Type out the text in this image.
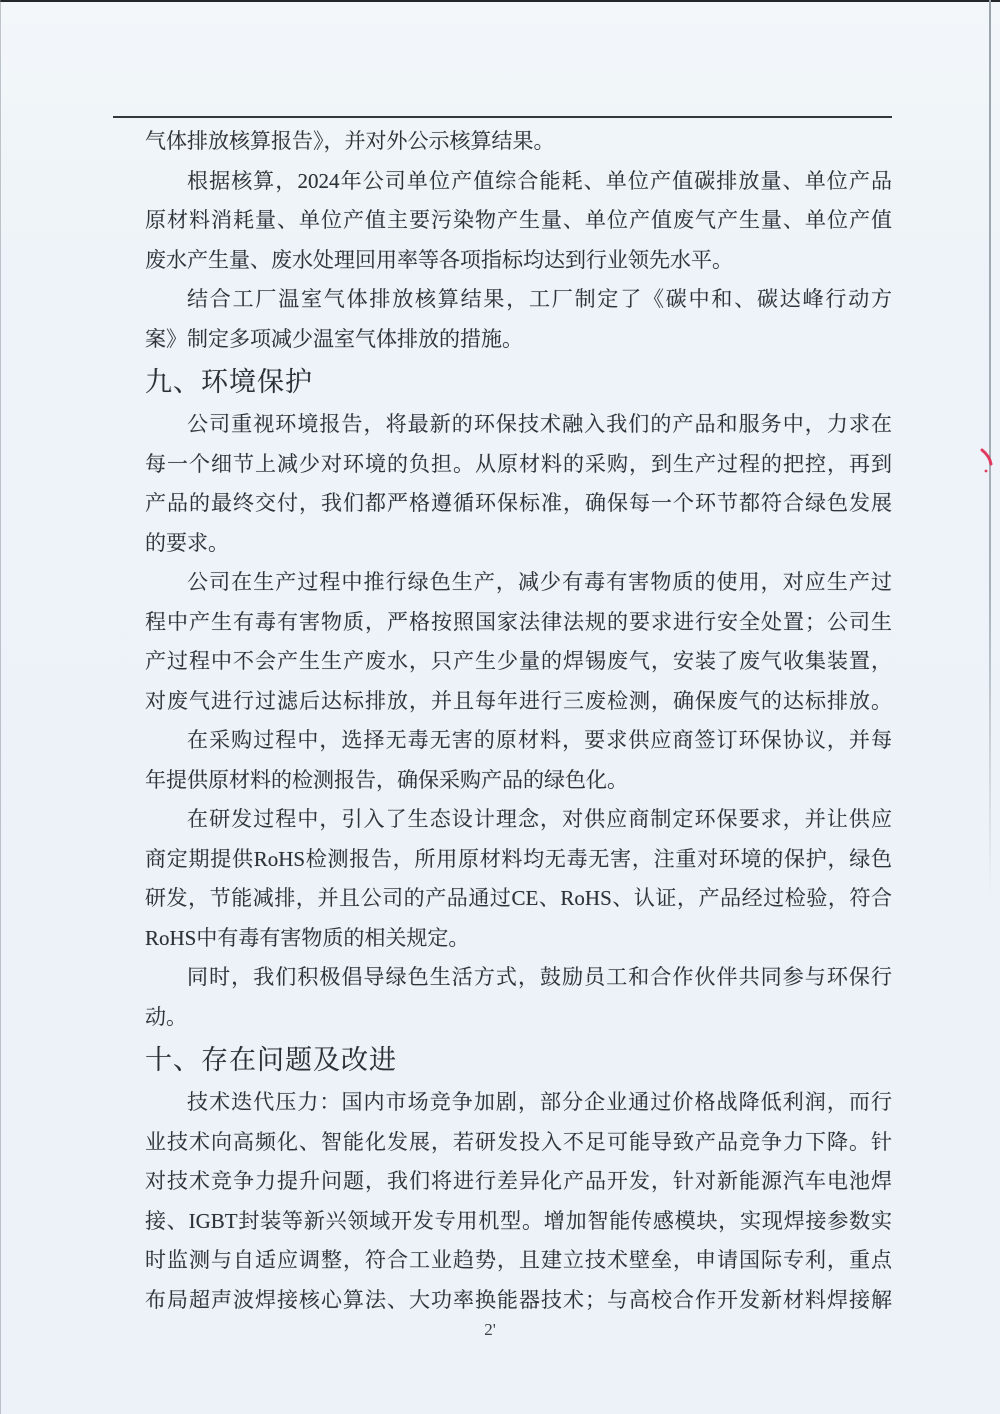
气体排放核算报告》，并对外公示核算结果。
根据核算，2024年公司单位产值综合能耗、单位产值碳排放量、单位产品
原材料消耗量、单位产值主要污染物产生量、单位产值废气产生量、单位产值
废水产生量、废水处理回用率等各项指标均达到行业领先水平。
结合工厂温室气体排放核算结果，工厂制定了《碳中和、碳达峰行动方
案》制定多项减少温室气体排放的措施。
九、环境保护
公司重视环境报告，将最新的环保技术融入我们的产品和服务中，力求在
每一个细节上减少对环境的负担。从原材料的采购，到生产过程的把控，再到
产品的最终交付，我们都严格遵循环保标准，确保每一个环节都符合绿色发展
的要求。
公司在生产过程中推行绿色生产，减少有毒有害物质的使用，对应生产过
程中产生有毒有害物质，严格按照国家法律法规的要求进行安全处置；公司生
产过程中不会产生生产废水，只产生少量的焊锡废气，安装了废气收集装置，
对废气进行过滤后达标排放，并且每年进行三废检测，确保废气的达标排放。
在采购过程中，选择无毒无害的原材料，要求供应商签订环保协议，并每
年提供原材料的检测报告，确保采购产品的绿色化。
在研发过程中，引入了生态设计理念，对供应商制定环保要求，并让供应
商定期提供RoHS检测报告，所用原材料均无毒无害，注重对环境的保护，绿色
研发，节能减排，并且公司的产品通过CE、RoHS、认证，产品经过检验，符合
RoHS中有毒有害物质的相关规定。
同时，我们积极倡导绿色生活方式，鼓励员工和合作伙伴共同参与环保行
动。
十、存在问题及改进
技术迭代压力：国内市场竞争加剧，部分企业通过价格战降低利润，而行
业技术向高频化、智能化发展，若研发投入不足可能导致产品竞争力下降。针
对技术竞争力提升问题，我们将进行差异化产品开发，针对新能源汽车电池焊
接、IGBT封装等新兴领域开发专用机型。增加智能传感模块，实现焊接参数实
时监测与自适应调整，符合工业趋势，且建立技术壁垒，申请国际专利，重点
布局超声波焊接核心算法、大功率换能器技术；与高校合作开发新材料焊接解
2'
